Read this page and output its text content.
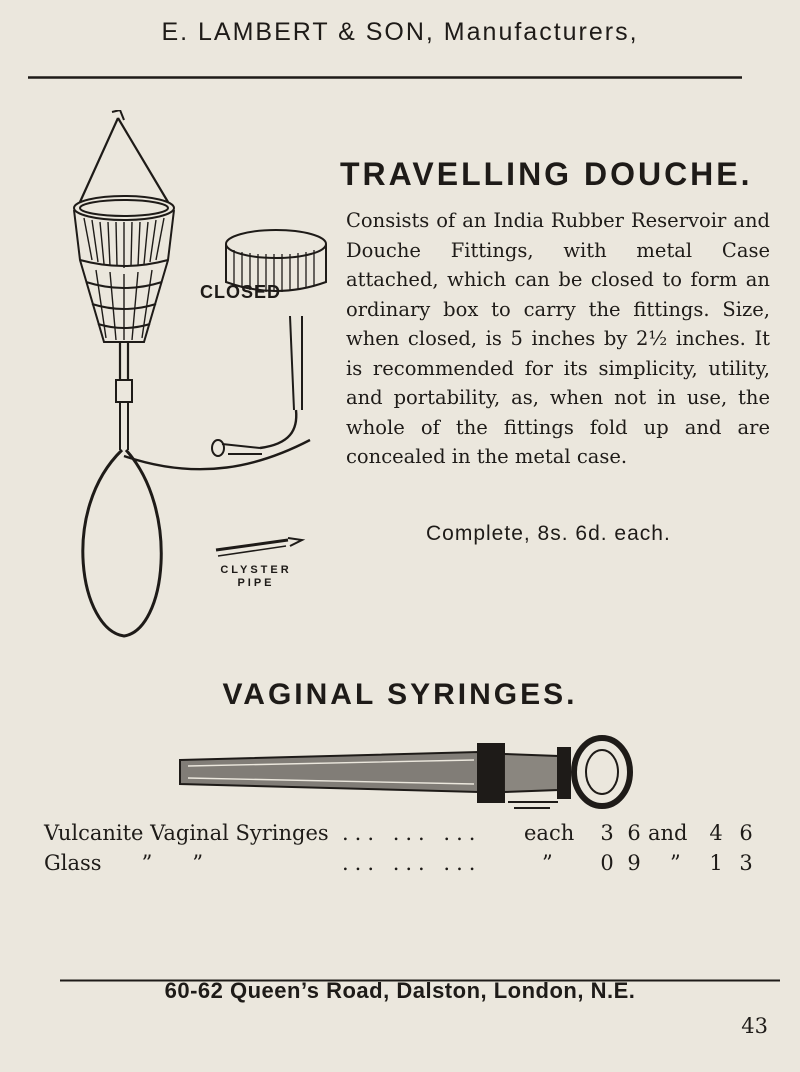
E. LAMBERT & SON, Manufacturers,
CLOSED
CLYSTER
PIPE
TRAVELLING DOUCHE.
Consists of an India Rubber Reservoir and Douche Fittings, with metal Case attached, which can be closed to form an ordinary box to carry the fittings. Size, when closed, is 5 inches by 2½ inches. It is recommended for its simplicity, utility, and portability, as, when not in use, the whole of the fittings fold up and are concealed in the metal case.
Complete, 8s. 6d. each.
VAGINAL SYRINGES.
Vulcanite Vaginal Syringes ... ... ... each 3 6 and 4 6
Glass      ”      ”	... ... ...	” 0 9 ” 1 3
60-62 Queen’s Road, Dalston, London, N.E.
43
